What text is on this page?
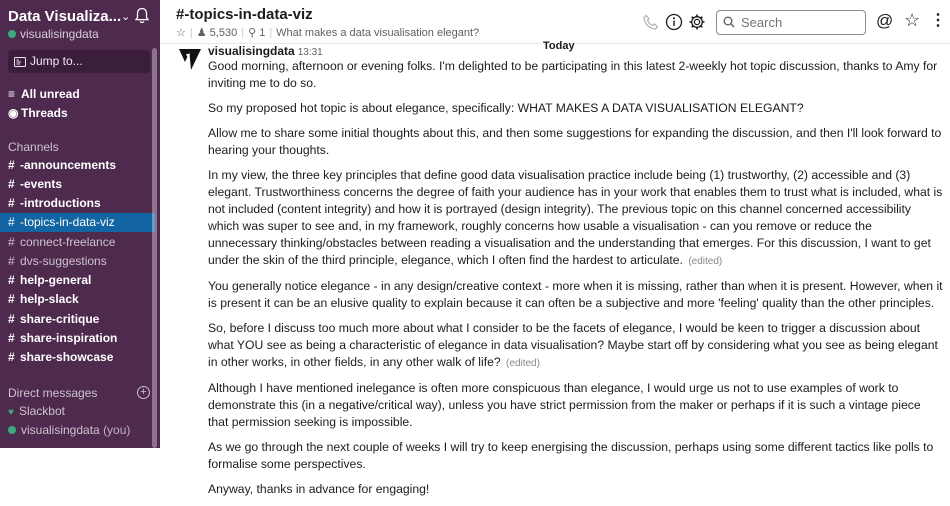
Data Visualiza... ⌄
visualisingdata
Jump to...
≡ All unread
◉ Threads
Channels
# -announcements
# -events
# -introductions
# -topics-in-data-viz
# connect-freelance
# dvs-suggestions
# help-general
# help-slack
# share-critique
# share-inspiration
# share-showcase
Direct messages	+
♥ Slackbot
visualisingdata (you)
#-topics-in-data-viz
☆ | ♟ 5,530 | ⚲ 1 | What makes a data visualisation elegant?
Search
@ ☆ ⋮
Today
visualisingdata 13:31

Good morning, afternoon or evening folks. I'm delighted to be participating in this latest 2-weekly hot topic discussion, thanks to Amy for inviting me to do so.

So my proposed hot topic is about elegance, specifically: WHAT MAKES A DATA VISUALISATION ELEGANT?

Allow me to share some initial thoughts about this, and then some suggestions for expanding the discussion, and then I'll look forward to hearing your thoughts.

In my view, the three key principles that define good data visualisation practice include being (1) trustworthy, (2) accessible and (3) elegant. Trustworthiness concerns the degree of faith your audience has in your work that enables them to trust what is included, what is not included (content integrity) and how it is portrayed (design integrity). The previous topic on this channel concerned accessibility which was super to see and, in my framework, roughly concerns how usable a visualisation - can you remove or reduce the unnecessary thinking/obstacles between reading a visualisation and the understanding that emerges. For this discussion, I want to get under the skin of the third principle, elegance, which I often find the hardest to articulate. (edited)

You generally notice elegance - in any design/creative context - more when it is missing, rather than when it is present. However, when it is present it can be an elusive quality to explain because it can often be a subjective and more 'feeling' quality than the other principles.

So, before I discuss too much more about what I consider to be the facets of elegance, I would be keen to trigger a discussion about what YOU see as being a characteristic of elegance in data visualisation? Maybe start off by considering what you see as being elegant in other works, in other fields, in any other walk of life? (edited)

Although I have mentioned inelegance is often more conspicuous than elegance, I would urge us not to use examples of work to demonstrate this (in a negative/critical way), unless you have strict permission from the maker or perhaps if it is such a vintage piece that permission seeking is impossible.

As we go through the next couple of weeks I will try to keep energising the discussion, perhaps using some different tactics like polls to formalise some perspectives.

Anyway, thanks in advance for engaging!
